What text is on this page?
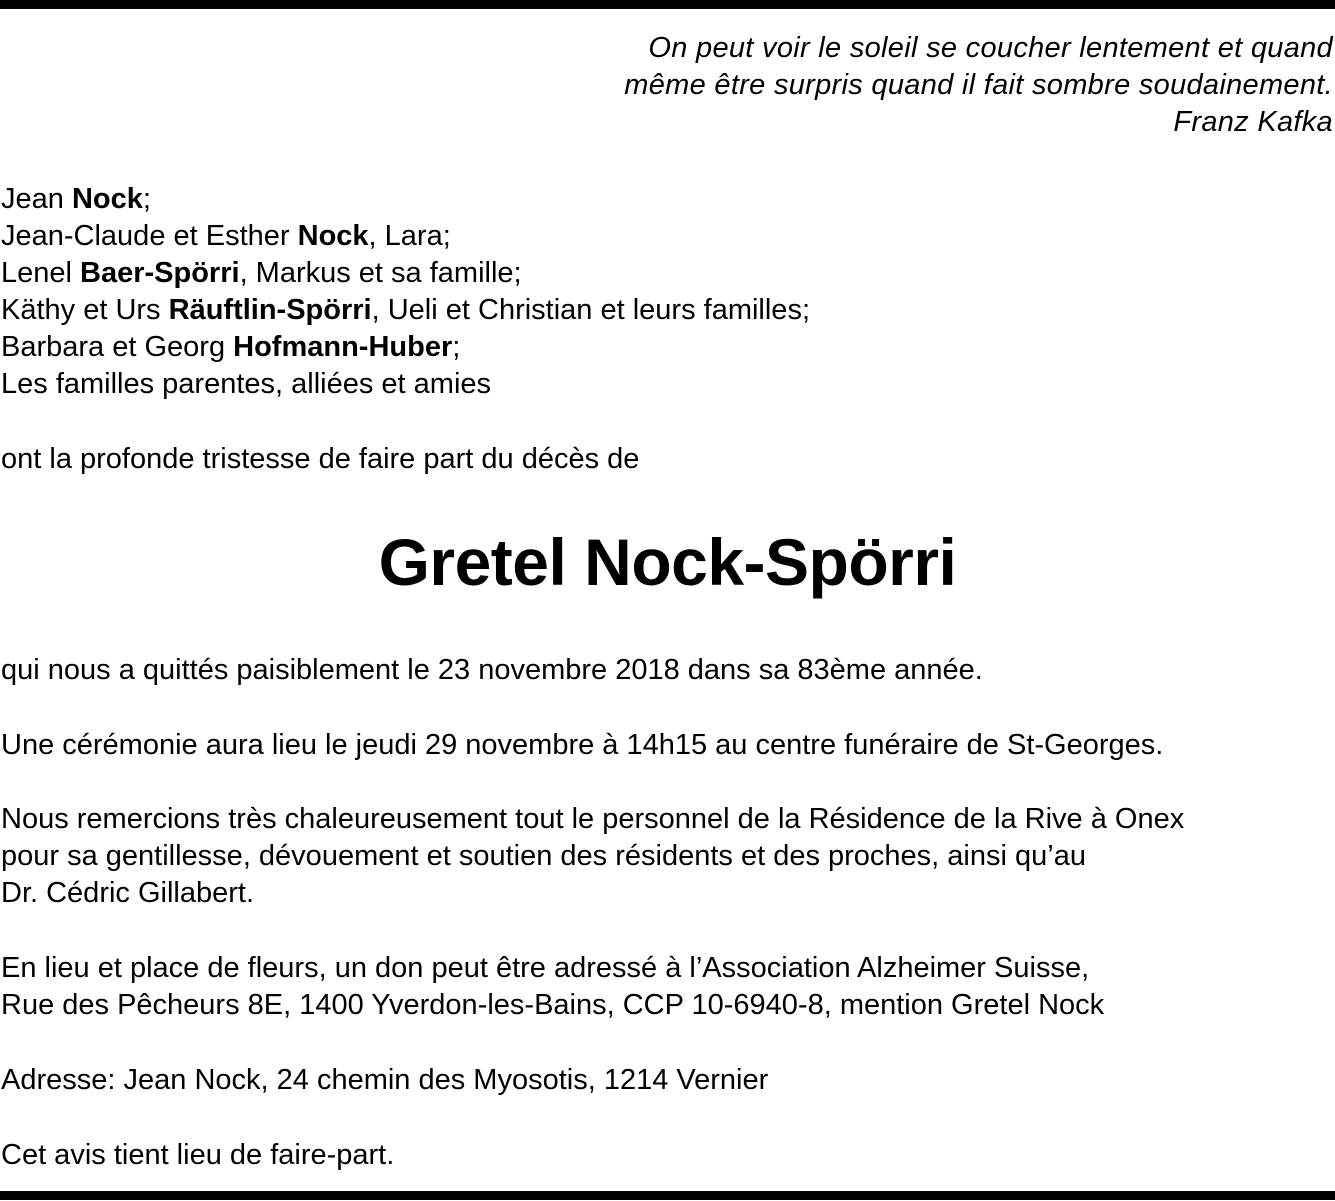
On peut voir le soleil se coucher lentement et quand
même être surpris quand il fait sombre soudainement.
Franz Kafka
Jean Nock;
Jean-Claude et Esther Nock, Lara;
Lenel Baer-Spörri, Markus et sa famille;
Käthy et Urs Räuftlin-Spörri, Ueli et Christian et leurs familles;
Barbara et Georg Hofmann-Huber;
Les familles parentes, alliées et amies
ont la profonde tristesse de faire part du décès de
Gretel Nock-Spörri
qui nous a quittés paisiblement le 23 novembre 2018 dans sa 83ème année.
Une cérémonie aura lieu le jeudi 29 novembre à 14h15 au centre funéraire de St-Georges.
Nous remercions très chaleureusement tout le personnel de la Résidence de la Rive à Onex
pour sa gentillesse, dévouement et soutien des résidents et des proches, ainsi qu’au
Dr. Cédric Gillabert.
En lieu et place de fleurs, un don peut être adressé à l’Association Alzheimer Suisse,
Rue des Pêcheurs 8E, 1400 Yverdon-les-Bains, CCP 10-6940-8, mention Gretel Nock
Adresse: Jean Nock, 24 chemin des Myosotis, 1214 Vernier
Cet avis tient lieu de faire-part.
